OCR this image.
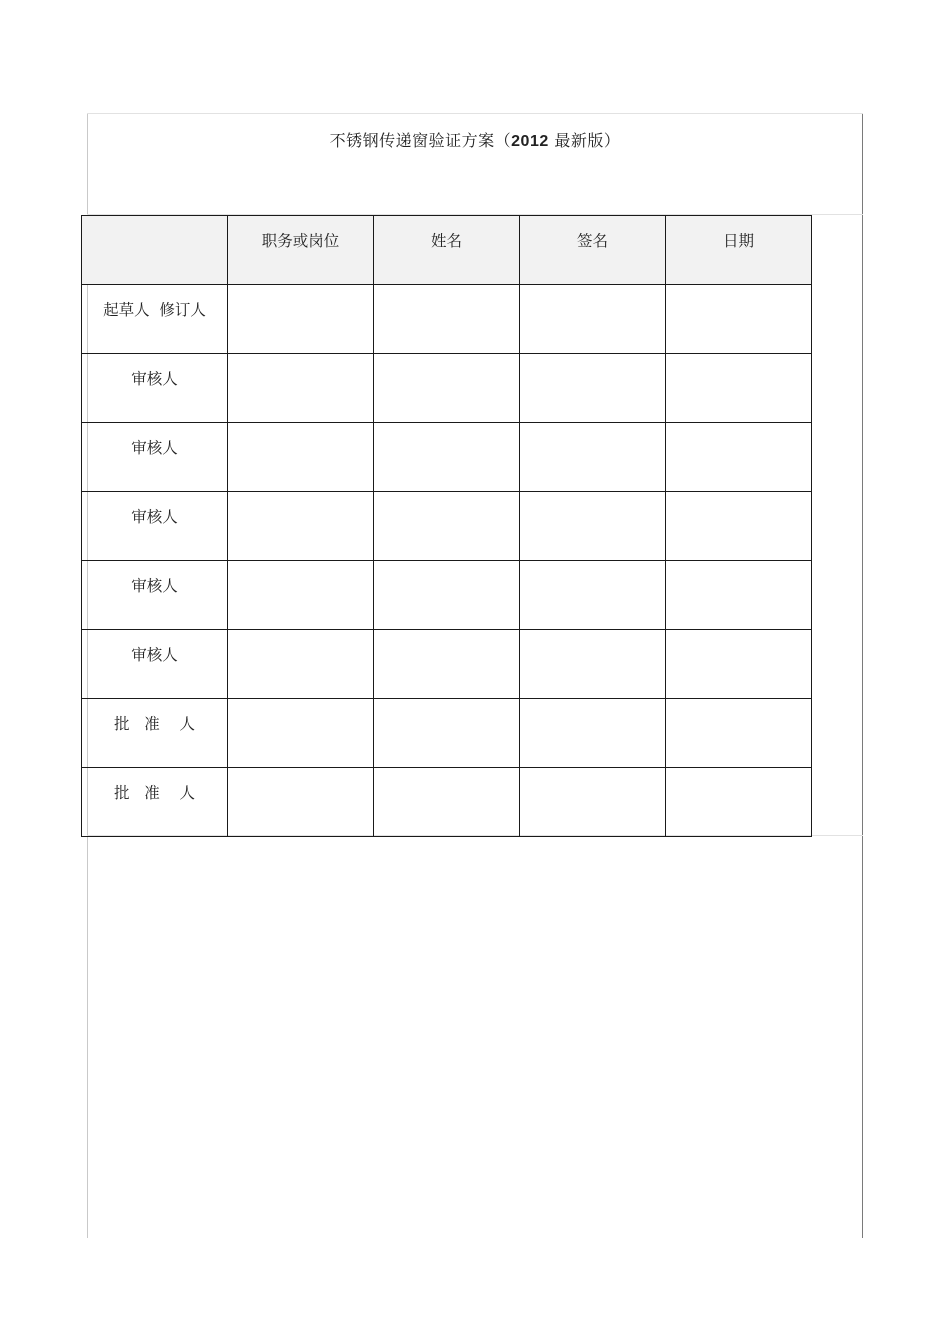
不锈钢传递窗验证方案（2012 最新版）

	职务或岗位	姓名	签名	日期

起草人  修订人				

审核人				

审核人				

审核人				

审核人				

审核人				

批   准    人				

批   准    人				
